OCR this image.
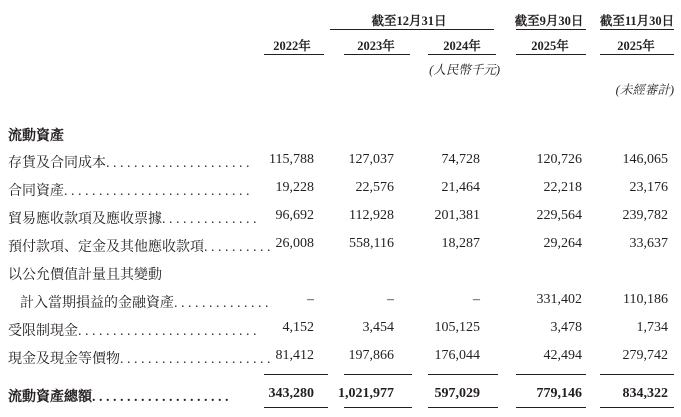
截至12月31日	截至9月30日	截至11月30日
2022年	2023年	2024年	2025年	2025年
(人民幣千元)
(未經審計)
流動資產
存貨及合同成本. . . . . . . . . . . . . . . . . . . . .	115,788	127,037	74,728	120,726	146,065
合同資產. . . . . . . . . . . . . . . . . . . . . . . . . . .	19,228	22,576	21,464	22,218	23,176
貿易應收款項及應收票據. . . . . . . . . . . . . .	96,692	112,928	201,381	229,564	239,782
預付款項、定金及其他應收款項. . . . . . . . . . 26,008	558,116	18,287	29,264	33,637
以公允價值計量且其變動
計入當期損益的金融資產. . . . . . . . . . . . . .	–	–	–	331,402	110,186
受限制現金. . . . . . . . . . . . . . . . . . . . . . . . . .	4,152	3,454	105,125	3,478	1,734
現金及現金等價物. . . . . . . . . . . . . . . . . . . . . . 81,412	197,866	176,044	42,494	279,742
流動資產總額. . . . . . . . . . . . . . . . . . . .	343,280	1,021,977	597,029	779,146	834,322
